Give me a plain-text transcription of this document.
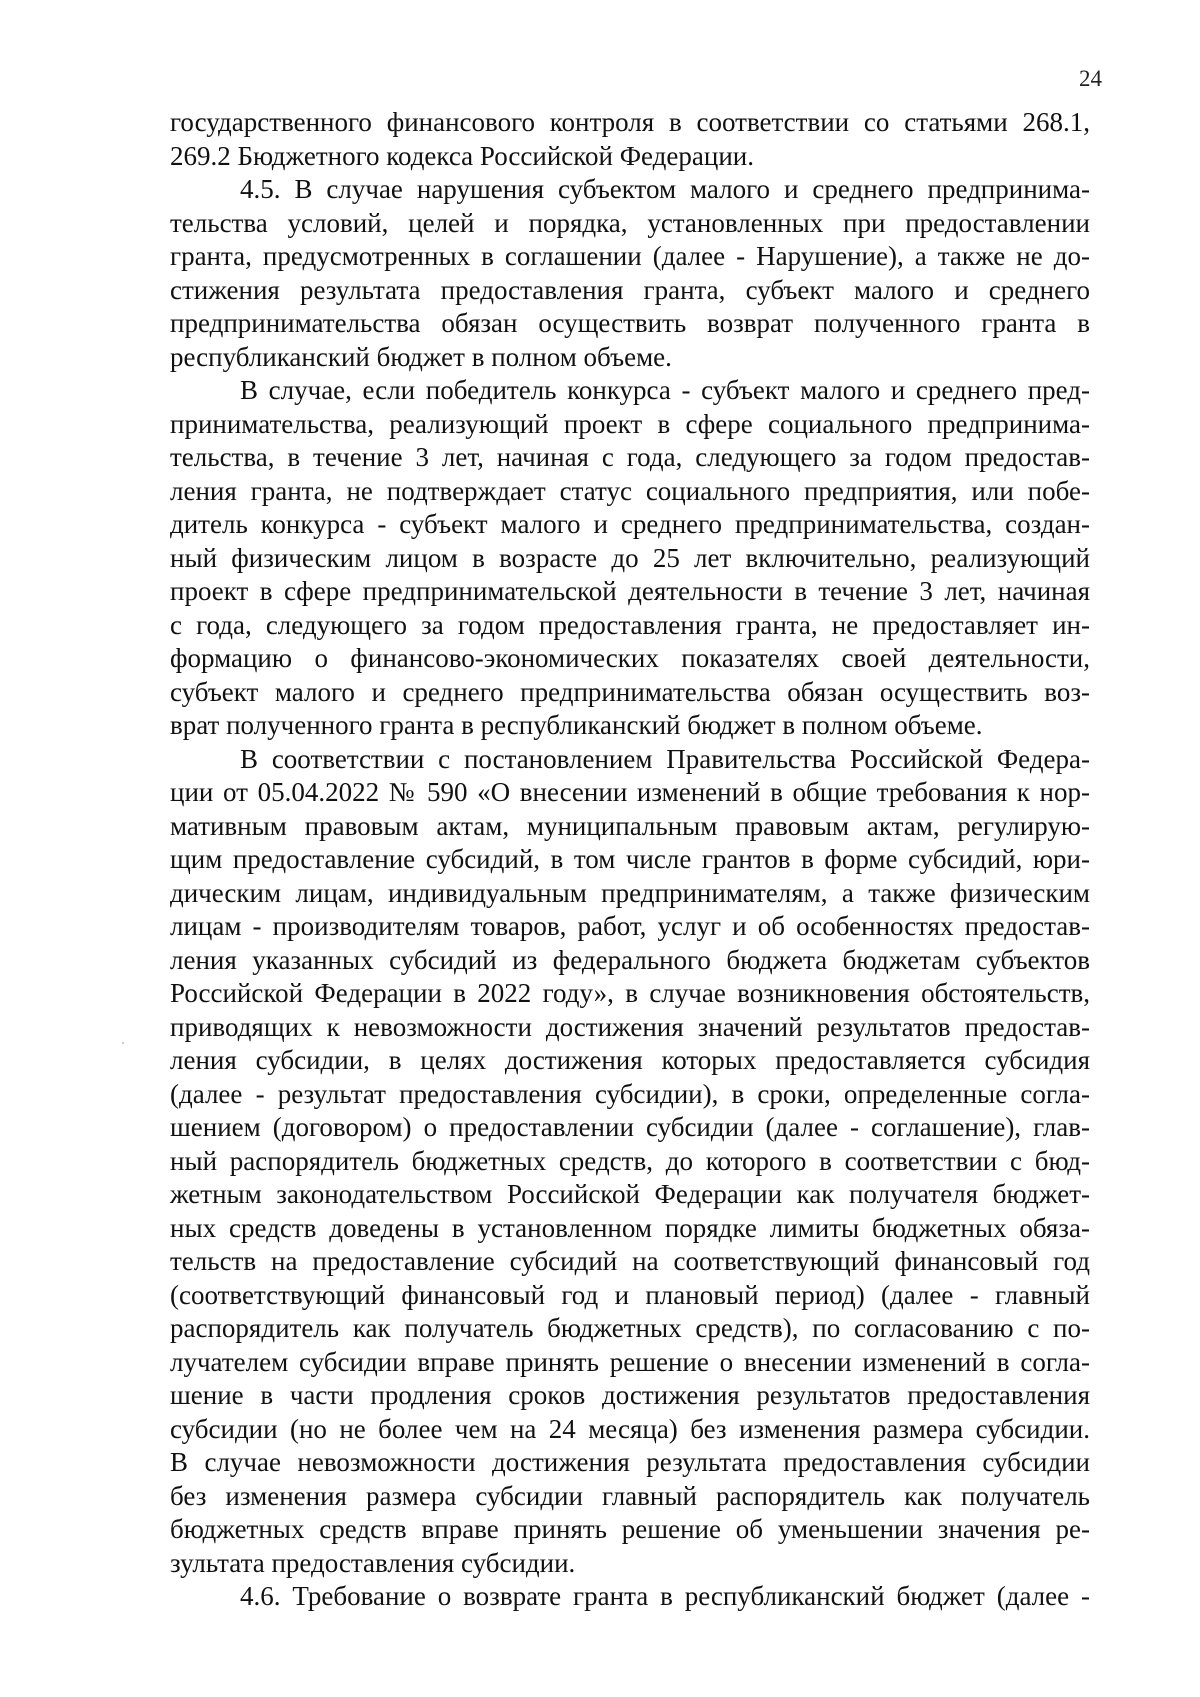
24
государственного финансового контроля в соответствии со статьями 268.1,
269.2 Бюджетного кодекса Российской Федерации.
4.5. В случае нарушения субъектом малого и среднего предпринима-
тельства условий, целей и порядка, установленных при предоставлении
гранта, предусмотренных в соглашении (далее - Нарушение), а также не до-
стижения результата предоставления гранта, субъект малого и среднего
предпринимательства обязан осуществить возврат полученного гранта в
республиканский бюджет в полном объеме.
В случае, если победитель конкурса - субъект малого и среднего пред-
принимательства, реализующий проект в сфере социального предпринима-
тельства, в течение 3 лет, начиная с года, следующего за годом предостав-
ления гранта, не подтверждает статус социального предприятия, или побе-
дитель конкурса - субъект малого и среднего предпринимательства, создан-
ный физическим лицом в возрасте до 25 лет включительно, реализующий
проект в сфере предпринимательской деятельности в течение 3 лет, начиная
с года, следующего за годом предоставления гранта, не предоставляет ин-
формацию о финансово-экономических показателях своей деятельности,
субъект малого и среднего предпринимательства обязан осуществить воз-
врат полученного гранта в республиканский бюджет в полном объеме.
В соответствии с постановлением Правительства Российской Федера-
ции от 05.04.2022 № 590 «О внесении изменений в общие требования к нор-
мативным правовым актам, муниципальным правовым актам, регулирую-
щим предоставление субсидий, в том числе грантов в форме субсидий, юри-
дическим лицам, индивидуальным предпринимателям, а также физическим
лицам - производителям товаров, работ, услуг и об особенностях предостав-
ления указанных субсидий из федерального бюджета бюджетам субъектов
Российской Федерации в 2022 году», в случае возникновения обстоятельств,
приводящих к невозможности достижения значений результатов предостав-
ления субсидии, в целях достижения которых предоставляется субсидия
(далее - результат предоставления субсидии), в сроки, определенные согла-
шением (договором) о предоставлении субсидии (далее - соглашение), глав-
ный распорядитель бюджетных средств, до которого в соответствии с бюд-
жетным законодательством Российской Федерации как получателя бюджет-
ных средств доведены в установленном порядке лимиты бюджетных обяза-
тельств на предоставление субсидий на соответствующий финансовый год
(соответствующий финансовый год и плановый период) (далее - главный
распорядитель как получатель бюджетных средств), по согласованию с по-
лучателем субсидии вправе принять решение о внесении изменений в согла-
шение в части продления сроков достижения результатов предоставления
субсидии (но не более чем на 24 месяца) без изменения размера субсидии.
В случае невозможности достижения результата предоставления субсидии
без изменения размера субсидии главный распорядитель как получатель
бюджетных средств вправе принять решение об уменьшении значения ре-
зультата предоставления субсидии.
4.6. Требование о возврате гранта в республиканский бюджет (далее -
